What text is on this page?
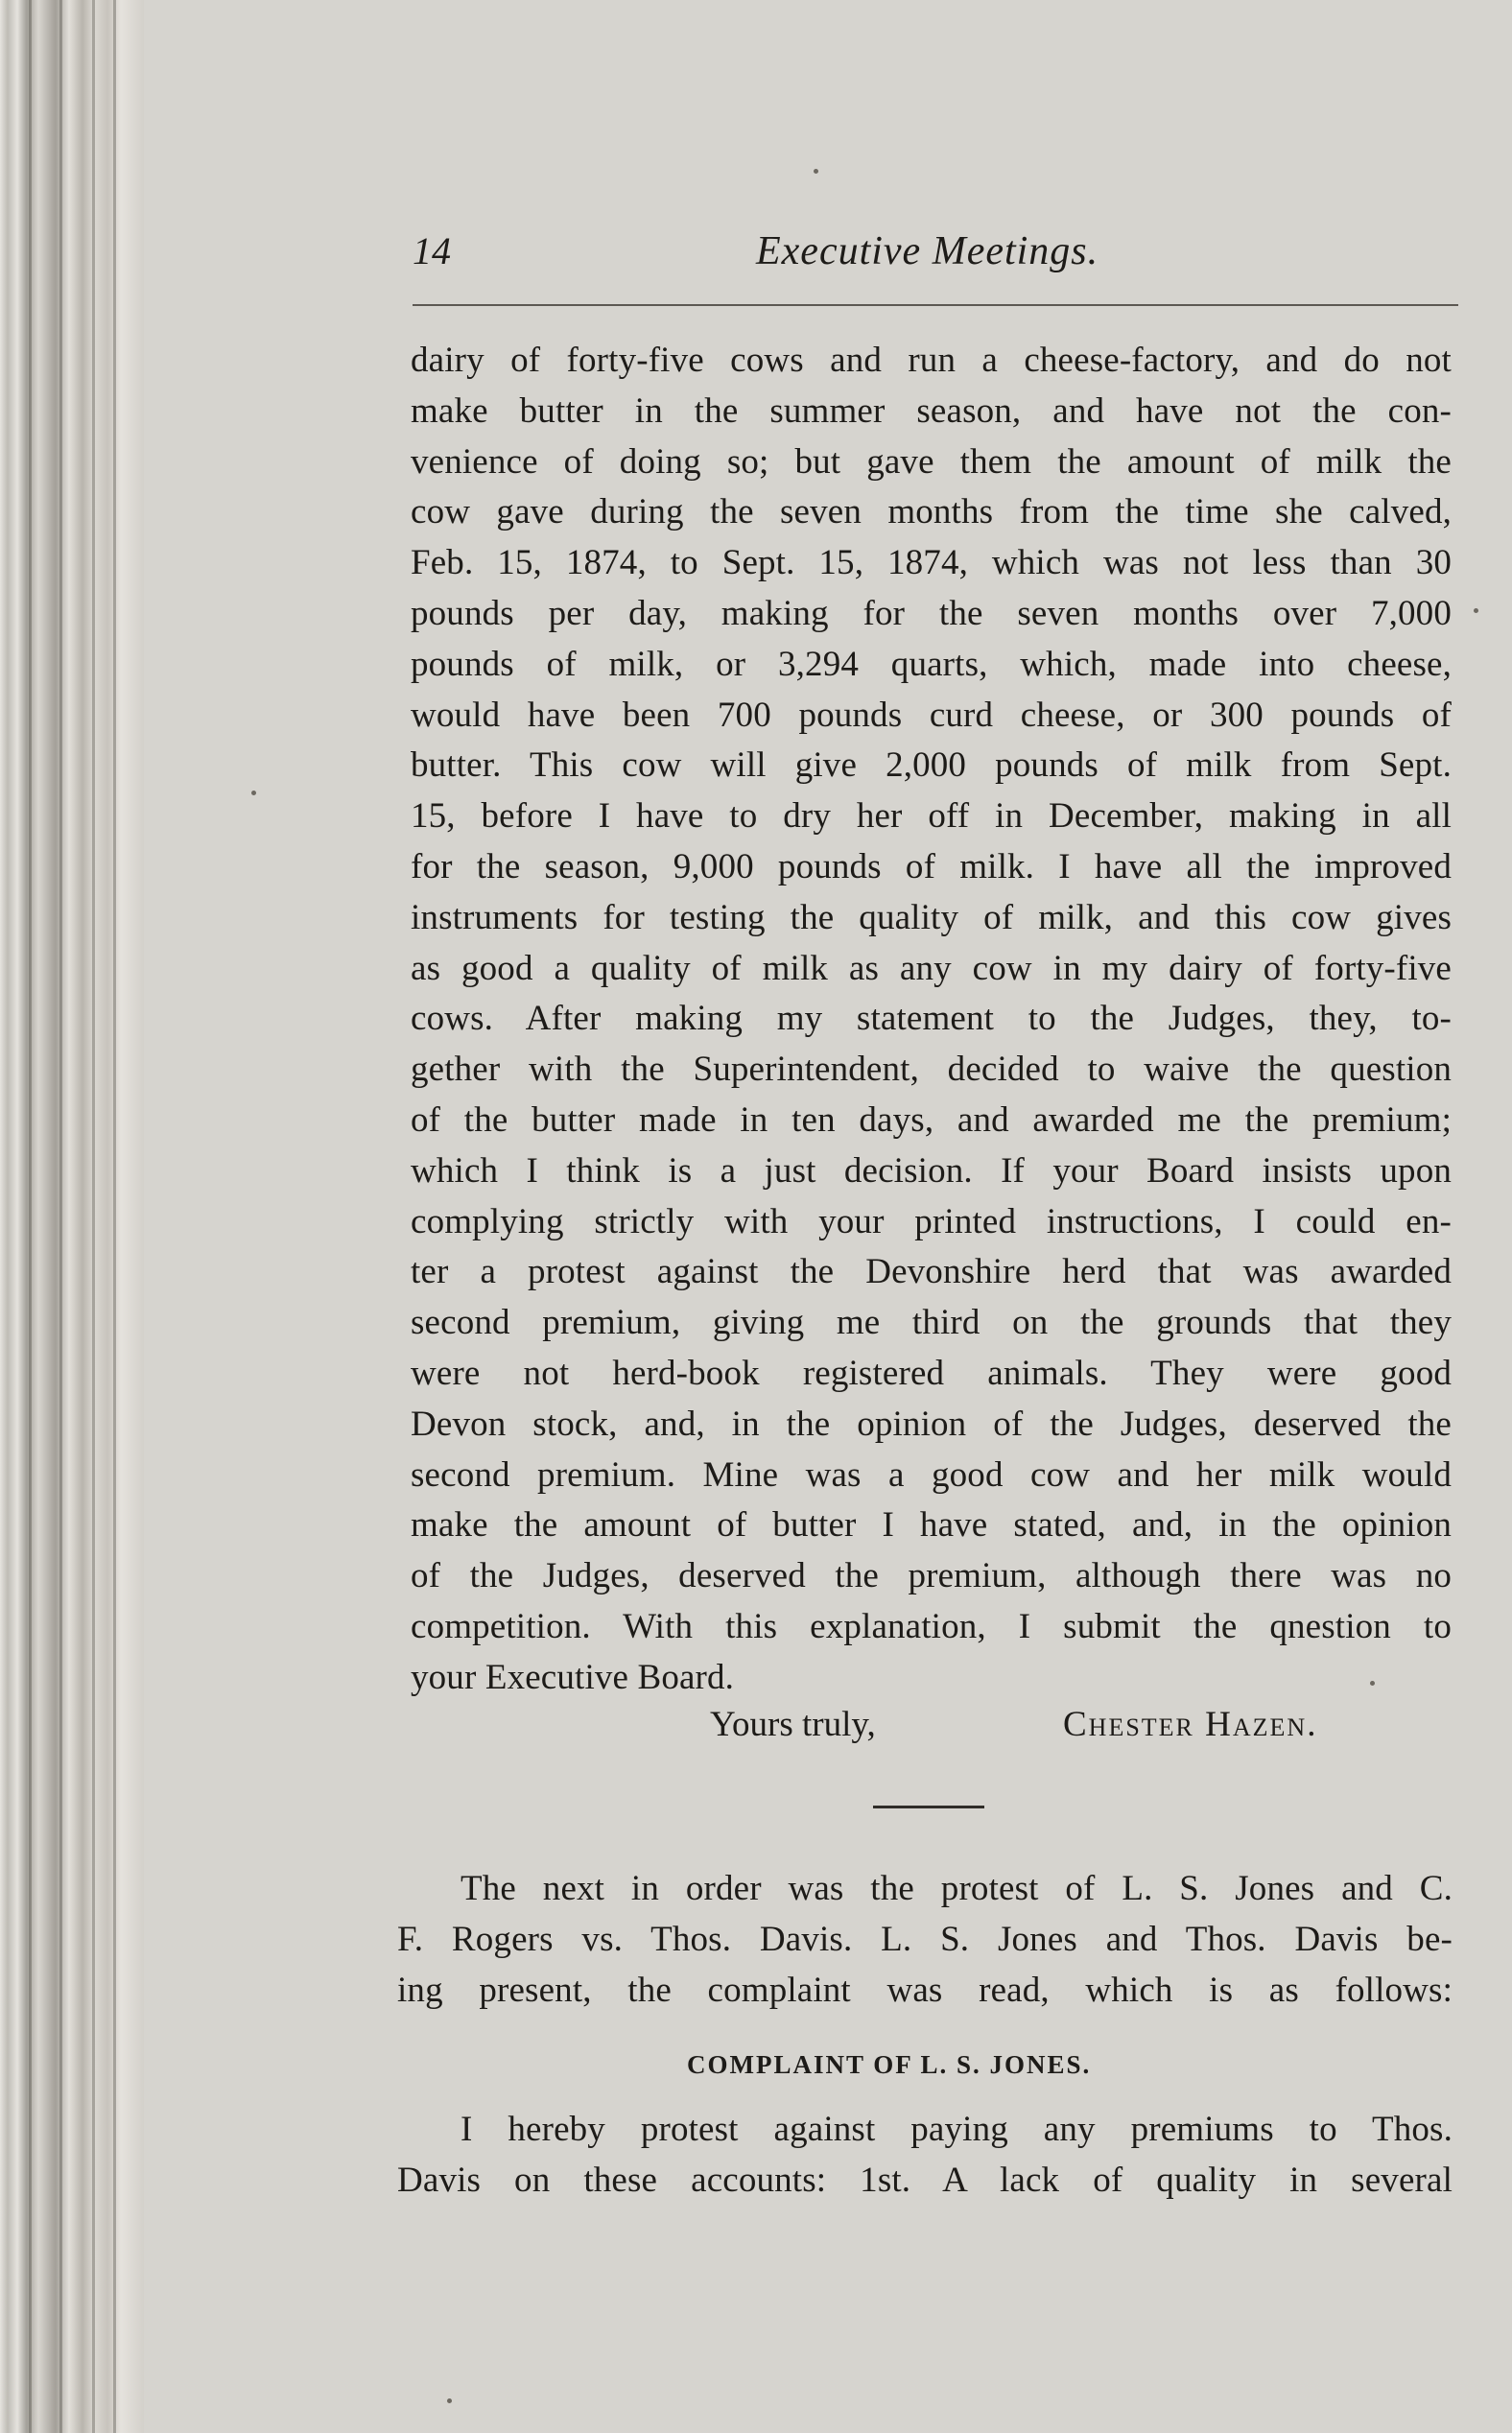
14	Executive Meetings.
dairy of forty-five cows and run a cheese-factory, and do not
make butter in the summer season, and have not the con-
venience of doing so; but gave them the amount of milk the
cow gave during the seven months from the time she calved,
Feb. 15, 1874, to Sept. 15, 1874, which was not less than 30
pounds per day, making for the seven months over 7,000
pounds of milk, or 3,294 quarts, which, made into cheese,
would have been 700 pounds curd cheese, or 300 pounds of
butter. This cow will give 2,000 pounds of milk from Sept.
15, before I have to dry her off in December, making in all
for the season, 9,000 pounds of milk. I have all the improved
instruments for testing the quality of milk, and this cow gives
as good a quality of milk as any cow in my dairy of forty-five
cows. After making my statement to the Judges, they, to-
gether with the Superintendent, decided to waive the question
of the butter made in ten days, and awarded me the premium;
which I think is a just decision. If your Board insists upon
complying strictly with your printed instructions, I could en-
ter a protest against the Devonshire herd that was awarded
second premium, giving me third on the grounds that they
were not herd-book registered animals. They were good
Devon stock, and, in the opinion of the Judges, deserved the
second premium. Mine was a good cow and her milk would
make the amount of butter I have stated, and, in the opinion
of the Judges, deserved the premium, although there was no
competition. With this explanation, I submit the qnestion to
your Executive Board.
Yours truly,	Chester Hazen.
The next in order was the protest of L. S. Jones and C.
F. Rogers vs. Thos. Davis. L. S. Jones and Thos. Davis be-
ing present, the complaint was read, which is as follows:
COMPLAINT OF L. S. JONES.
I hereby protest against paying any premiums to Thos.
Davis on these accounts: 1st. A lack of quality in several
